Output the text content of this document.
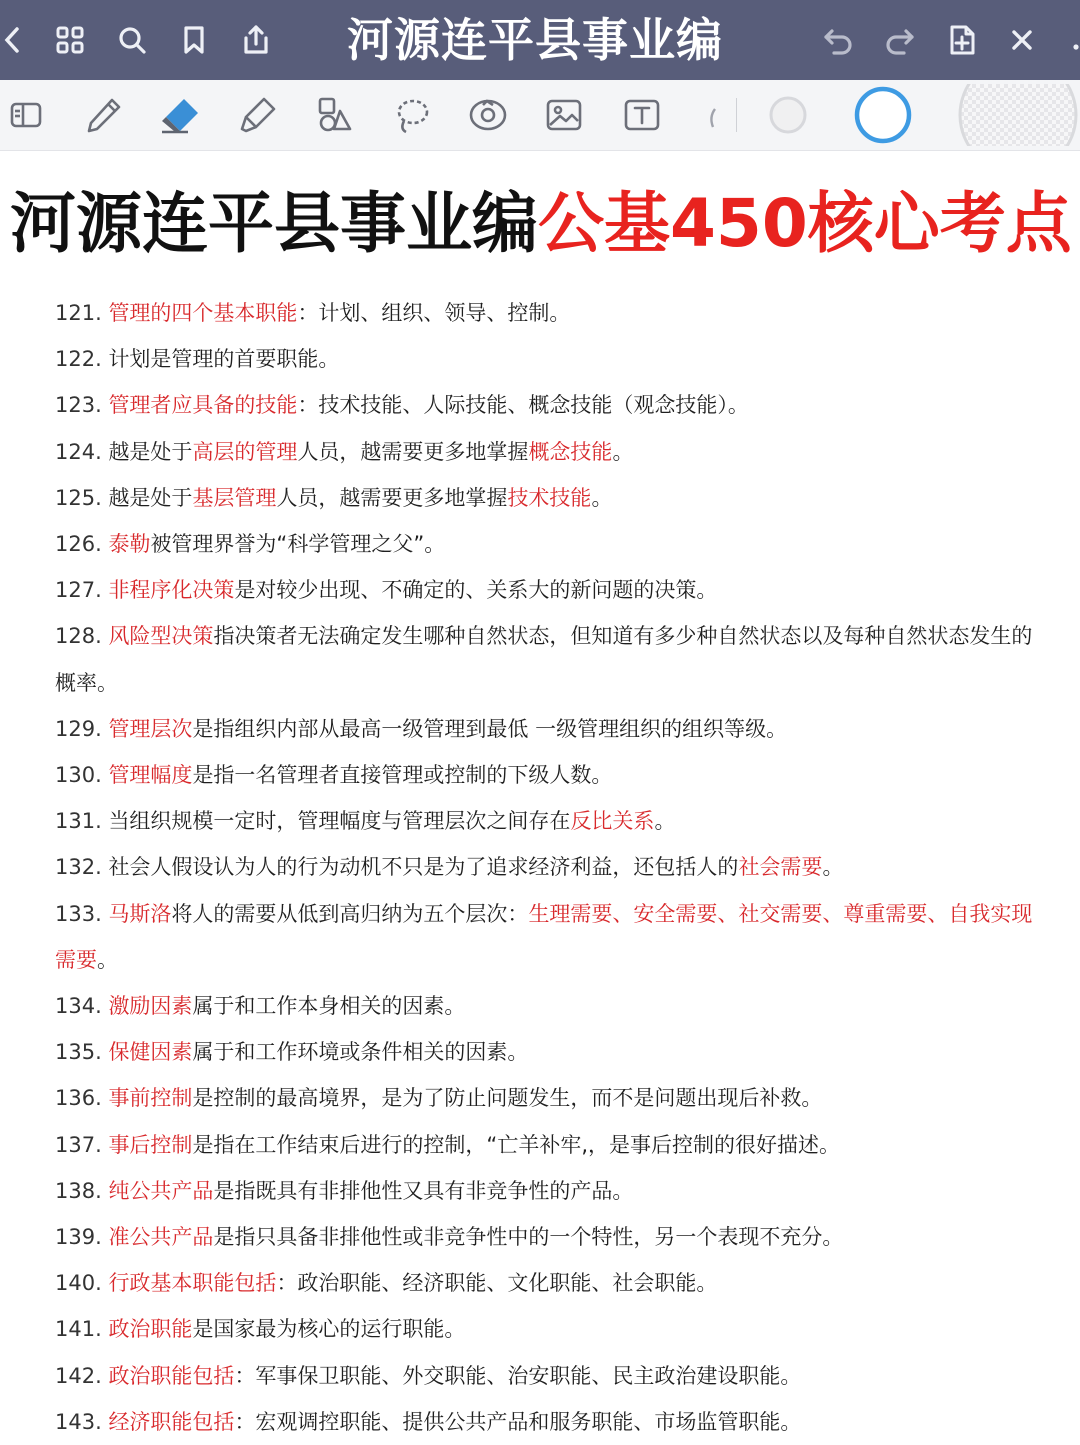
河源连平县事业编
河源连平县事业编公基450核心考点
121. 管理的四个基本职能：计划、组织、领导、控制。
122. 计划是管理的首要职能。
123. 管理者应具备的技能：技术技能、人际技能、概念技能（观念技能）。
124. 越是处于高层的管理人员，越需要更多地掌握概念技能。
125. 越是处于基层管理人员，越需要更多地掌握技术技能。
126. 泰勒被管理界誉为“科学管理之父”。
127. 非程序化决策是对较少出现、不确定的、关系大的新问题的决策。
128. 风险型决策指决策者无法确定发生哪种自然状态，但知道有多少种自然状态以及每种自然状态发生的概率。
129. 管理层次是指组织内部从最高一级管理到最低 一级管理组织的组织等级。
130. 管理幅度是指一名管理者直接管理或控制的下级人数。
131. 当组织规模一定时，管理幅度与管理层次之间存在反比关系。
132. 社会人假设认为人的行为动机不只是为了追求经济利益，还包括人的社会需要。
133. 马斯洛将人的需要从低到高归纳为五个层次：生理需要、安全需要、社交需要、尊重需要、自我实现需要。
134. 激励因素属于和工作本身相关的因素。
135. 保健因素属于和工作环境或条件相关的因素。
136. 事前控制是控制的最高境界，是为了防止问题发生，而不是问题出现后补救。
137. 事后控制是指在工作结束后进行的控制，“亡羊补牢,，是事后控制的很好描述。
138. 纯公共产品是指既具有非排他性又具有非竞争性的产品。
139. 准公共产品是指只具备非排他性或非竞争性中的一个特性，另一个表现不充分。
140. 行政基本职能包括：政治职能、经济职能、文化职能、社会职能。
141. 政治职能是国家最为核心的运行职能。
142. 政治职能包括：军事保卫职能、外交职能、治安职能、民主政治建设职能。
143. 经济职能包括：宏观调控职能、提供公共产品和服务职能、市场监管职能。
